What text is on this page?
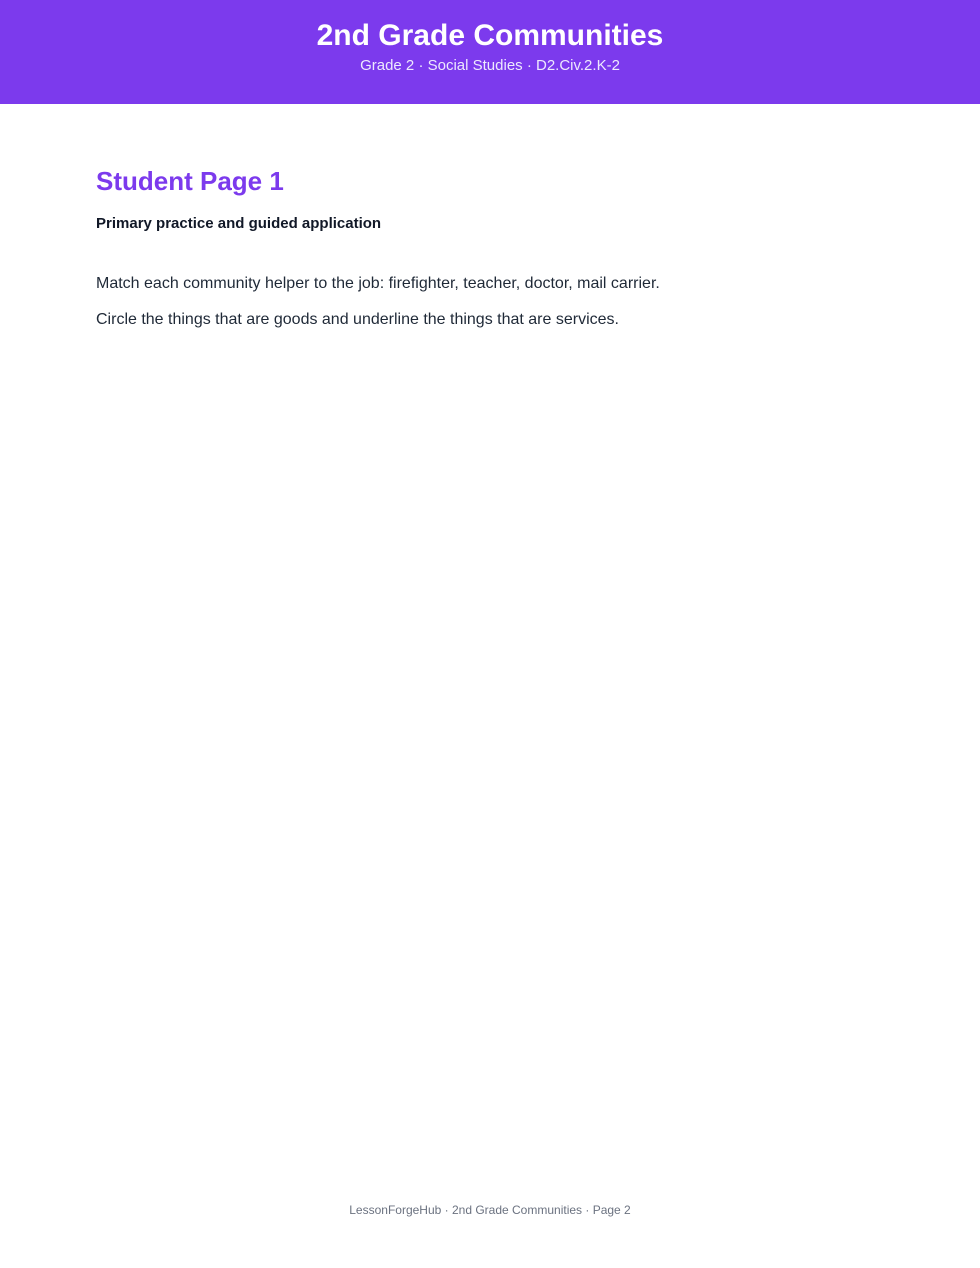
2nd Grade Communities
Grade 2 · Social Studies · D2.Civ.2.K-2
Student Page 1
Primary practice and guided application

Match each community helper to the job: firefighter, teacher, doctor, mail carrier.

Circle the things that are goods and underline the things that are services.

LessonForgeHub · 2nd Grade Communities · Page 2
